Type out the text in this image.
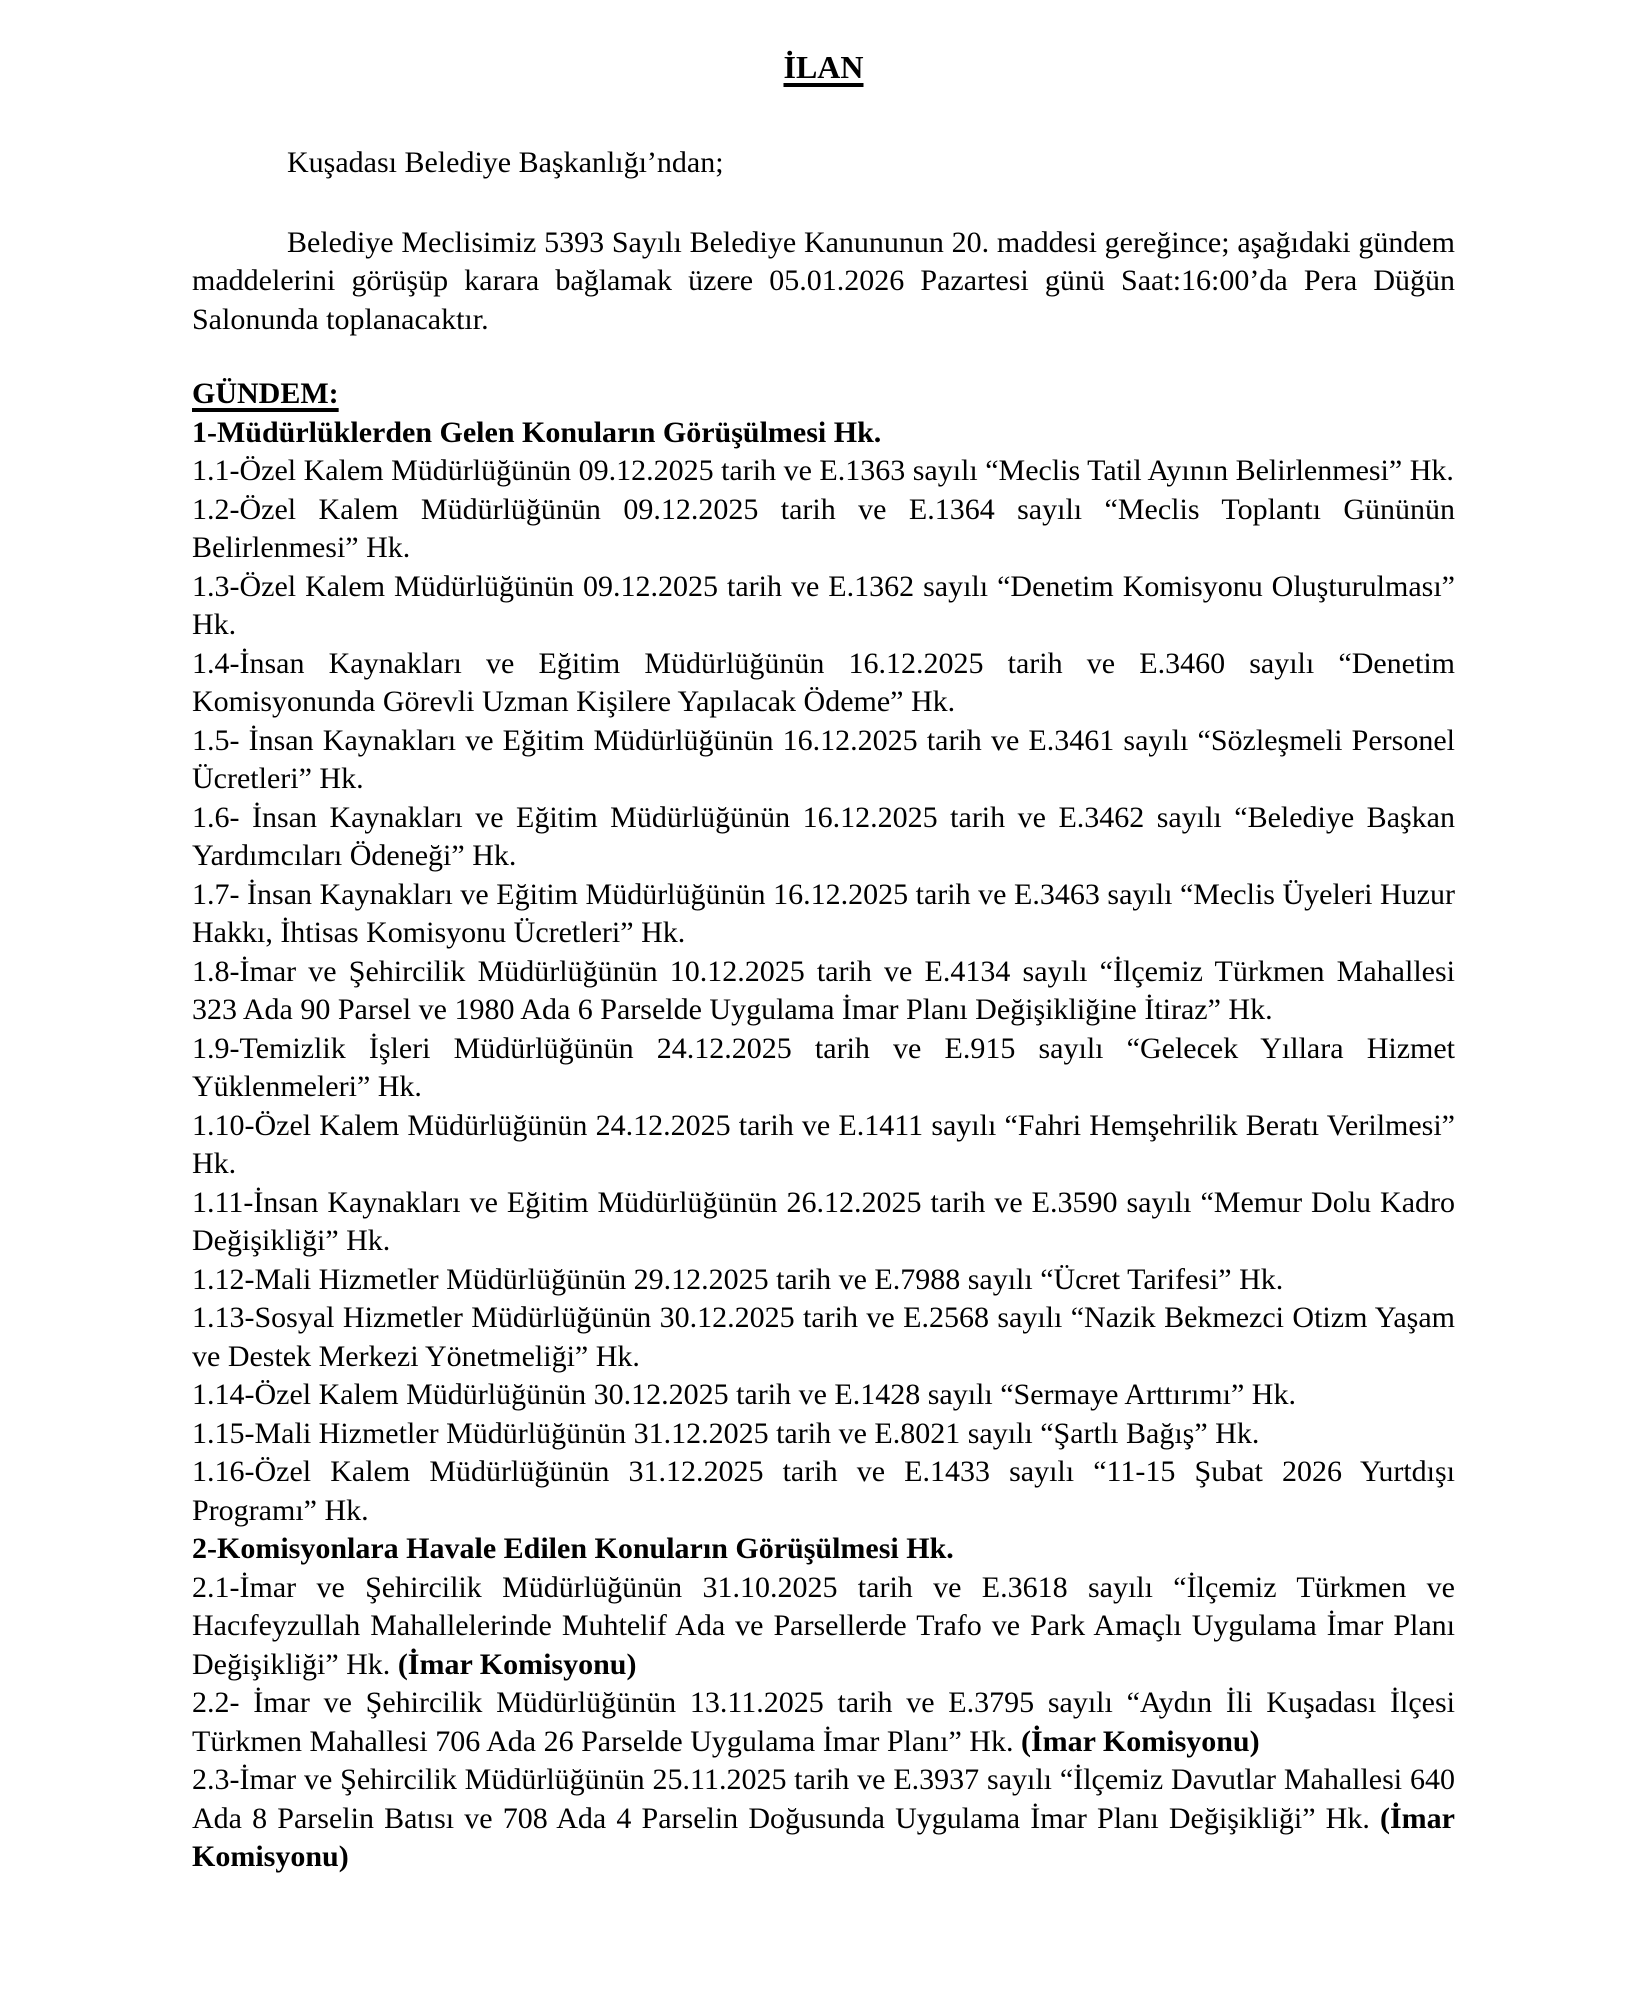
İLAN

Kuşadası Belediye Başkanlığı’ndan;

Belediye Meclisimiz 5393 Sayılı Belediye Kanununun 20. maddesi gereğince; aşağıdaki gündem maddelerini görüşüp karara bağlamak üzere 05.01.2026 Pazartesi günü Saat:16:00’da Pera Düğün Salonunda toplanacaktır.

GÜNDEM:

1-Müdürlüklerden Gelen Konuların Görüşülmesi Hk.

1.1-Özel Kalem Müdürlüğünün 09.12.2025 tarih ve E.1363 sayılı “Meclis Tatil Ayının Belirlenmesi” Hk.

1.2-Özel Kalem Müdürlüğünün 09.12.2025 tarih ve E.1364 sayılı “Meclis Toplantı Gününün Belirlenmesi” Hk.

1.3-Özel Kalem Müdürlüğünün 09.12.2025 tarih ve E.1362 sayılı “Denetim Komisyonu Oluşturulması” Hk.

1.4-İnsan Kaynakları ve Eğitim Müdürlüğünün 16.12.2025 tarih ve E.3460 sayılı “Denetim Komisyonunda Görevli Uzman Kişilere Yapılacak Ödeme” Hk.

1.5- İnsan Kaynakları ve Eğitim Müdürlüğünün 16.12.2025 tarih ve E.3461 sayılı “Sözleşmeli Personel Ücretleri” Hk.

1.6- İnsan Kaynakları ve Eğitim Müdürlüğünün 16.12.2025 tarih ve E.3462 sayılı “Belediye Başkan Yardımcıları Ödeneği” Hk.

1.7- İnsan Kaynakları ve Eğitim Müdürlüğünün 16.12.2025 tarih ve E.3463 sayılı “Meclis Üyeleri Huzur Hakkı, İhtisas Komisyonu Ücretleri” Hk.

1.8-İmar ve Şehircilik Müdürlüğünün 10.12.2025 tarih ve E.4134 sayılı “İlçemiz Türkmen Mahallesi 323 Ada 90 Parsel ve 1980 Ada 6 Parselde Uygulama İmar Planı Değişikliğine İtiraz” Hk.

1.9-Temizlik İşleri Müdürlüğünün 24.12.2025 tarih ve E.915 sayılı “Gelecek Yıllara Hizmet Yüklenmeleri” Hk.

1.10-Özel Kalem Müdürlüğünün 24.12.2025 tarih ve E.1411 sayılı “Fahri Hemşehrilik Beratı Verilmesi” Hk.

1.11-İnsan Kaynakları ve Eğitim Müdürlüğünün 26.12.2025 tarih ve E.3590 sayılı “Memur Dolu Kadro Değişikliği” Hk.

1.12-Mali Hizmetler Müdürlüğünün 29.12.2025 tarih ve E.7988 sayılı “Ücret Tarifesi” Hk.

1.13-Sosyal Hizmetler Müdürlüğünün 30.12.2025 tarih ve E.2568 sayılı “Nazik Bekmezci Otizm Yaşam ve Destek Merkezi Yönetmeliği” Hk.

1.14-Özel Kalem Müdürlüğünün 30.12.2025 tarih ve E.1428 sayılı “Sermaye Arttırımı” Hk.

1.15-Mali Hizmetler Müdürlüğünün 31.12.2025 tarih ve E.8021 sayılı “Şartlı Bağış” Hk.

1.16-Özel Kalem Müdürlüğünün 31.12.2025 tarih ve E.1433 sayılı “11-15 Şubat 2026 Yurtdışı Programı” Hk.

2-Komisyonlara Havale Edilen Konuların Görüşülmesi Hk.

2.1-İmar ve Şehircilik Müdürlüğünün 31.10.2025 tarih ve E.3618 sayılı “İlçemiz Türkmen ve Hacıfeyzullah Mahallelerinde Muhtelif Ada ve Parsellerde Trafo ve Park Amaçlı Uygulama İmar Planı Değişikliği” Hk. (İmar Komisyonu)

2.2- İmar ve Şehircilik Müdürlüğünün 13.11.2025 tarih ve E.3795 sayılı “Aydın İli Kuşadası İlçesi Türkmen Mahallesi 706 Ada 26 Parselde Uygulama İmar Planı” Hk. (İmar Komisyonu)

2.3-İmar ve Şehircilik Müdürlüğünün 25.11.2025 tarih ve E.3937 sayılı “İlçemiz Davutlar Mahallesi 640 Ada 8 Parselin Batısı ve 708 Ada 4 Parselin Doğusunda Uygulama İmar Planı Değişikliği” Hk. (İmar Komisyonu)
